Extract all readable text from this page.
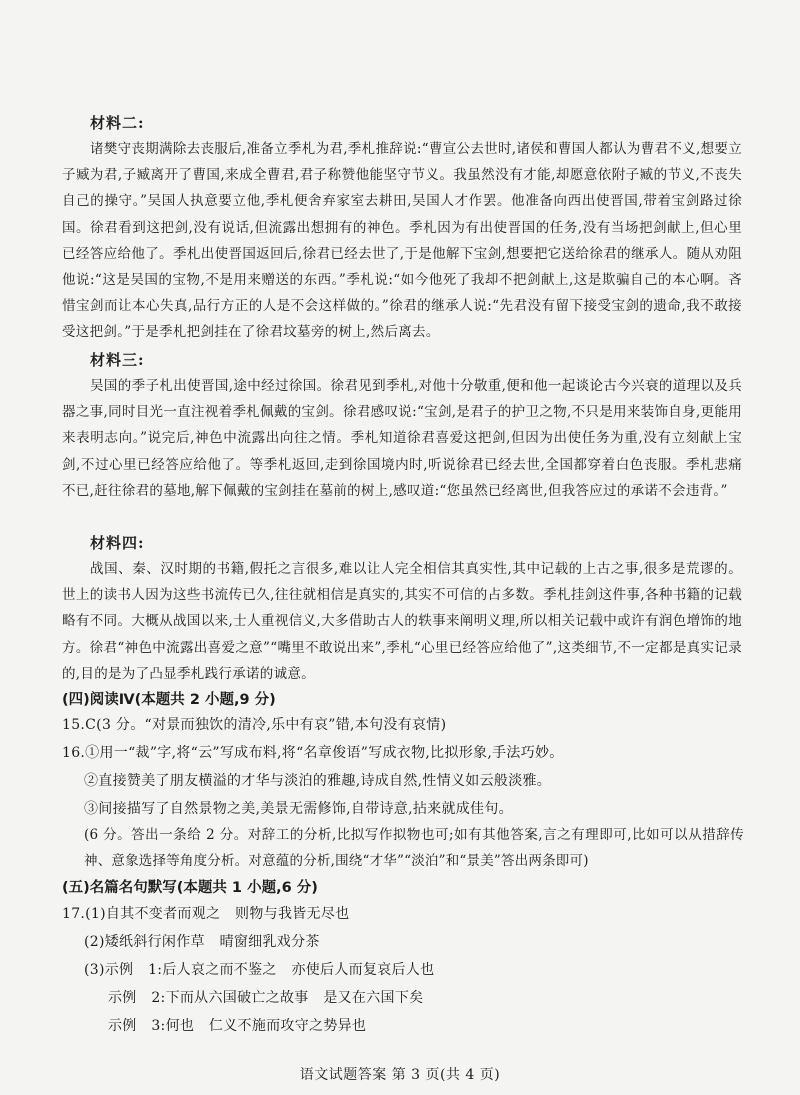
材料二:
诸樊守丧期满除去丧服后,准备立季札为君,季札推辞说:“曹宣公去世时,诸侯和曹国人都认为曹君不义,想要立子臧为君,子臧离开了曹国,来成全曹君,君子称赞他能坚守节义。我虽然没有才能,却愿意依附子臧的节义,不丧失自己的操守。”吴国人执意要立他,季札便舍弃家室去耕田,吴国人才作罢。他准备向西出使晋国,带着宝剑路过徐国。徐君看到这把剑,没有说话,但流露出想拥有的神色。季札因为有出使晋国的任务,没有当场把剑献上,但心里已经答应给他了。季札出使晋国返回后,徐君已经去世了,于是他解下宝剑,想要把它送给徐君的继承人。随从劝阻他说:“这是吴国的宝物,不是用来赠送的东西。”季札说:“如今他死了我却不把剑献上,这是欺骗自己的本心啊。吝惜宝剑而让本心失真,品行方正的人是不会这样做的。”徐君的继承人说:“先君没有留下接受宝剑的遗命,我不敢接受这把剑。”于是季札把剑挂在了徐君坟墓旁的树上,然后离去。
材料三:
吴国的季子札出使晋国,途中经过徐国。徐君见到季札,对他十分敬重,便和他一起谈论古今兴衰的道理以及兵器之事,同时目光一直注视着季札佩戴的宝剑。徐君感叹说:“宝剑,是君子的护卫之物,不只是用来装饰自身,更能用来表明志向。”说完后,神色中流露出向往之情。季札知道徐君喜爱这把剑,但因为出使任务为重,没有立刻献上宝剑,不过心里已经答应给他了。等季札返回,走到徐国境内时,听说徐君已经去世,全国都穿着白色丧服。季札悲痛不已,赶往徐君的墓地,解下佩戴的宝剑挂在墓前的树上,感叹道:“您虽然已经离世,但我答应过的承诺不会违背。”
材料四:
战国、秦、汉时期的书籍,假托之言很多,难以让人完全相信其真实性,其中记载的上古之事,很多是荒谬的。世上的读书人因为这些书流传已久,往往就相信是真实的,其实不可信的占多数。季札挂剑这件事,各种书籍的记载略有不同。大概从战国以来,士人重视信义,大多借助古人的轶事来阐明义理,所以相关记载中或许有润色增饰的地方。徐君“神色中流露出喜爱之意”“嘴里不敢说出来”,季札“心里已经答应给他了”,这类细节,不一定都是真实记录的,目的是为了凸显季札践行承诺的诚意。
(四)阅读Ⅳ(本题共 2 小题,9 分)
15.C(3 分。“对景而独饮的清冷,乐中有哀”错,本句没有哀情)
16.①用一“裁”字,将“云”写成布料,将“名章俊语”写成衣物,比拟形象,手法巧妙。
②直接赞美了朋友横溢的才华与淡泊的雅趣,诗成自然,性情义如云般淡雅。
③间接描写了自然景物之美,美景无需修饰,自带诗意,拈来就成佳句。
(6 分。答出一条给 2 分。对辞工的分析,比拟写作拟物也可;如有其他答案,言之有理即可,比如可以从措辞传神、意象选择等角度分析。对意蕴的分析,围绕“才华”“淡泊”和“景美”答出两条即可)
(五)名篇名句默写(本题共 1 小题,6 分)
17.(1)自其不变者而观之 则物与我皆无尽也
(2)矮纸斜行闲作草 晴窗细乳戏分茶
(3)示例 1:后人哀之而不鉴之 亦使后人而复哀后人也
示例 2:下而从六国破亡之故事 是又在六国下矣
示例 3:何也 仁义不施而攻守之势异也
语文试题答案 第 3 页(共 4 页)
